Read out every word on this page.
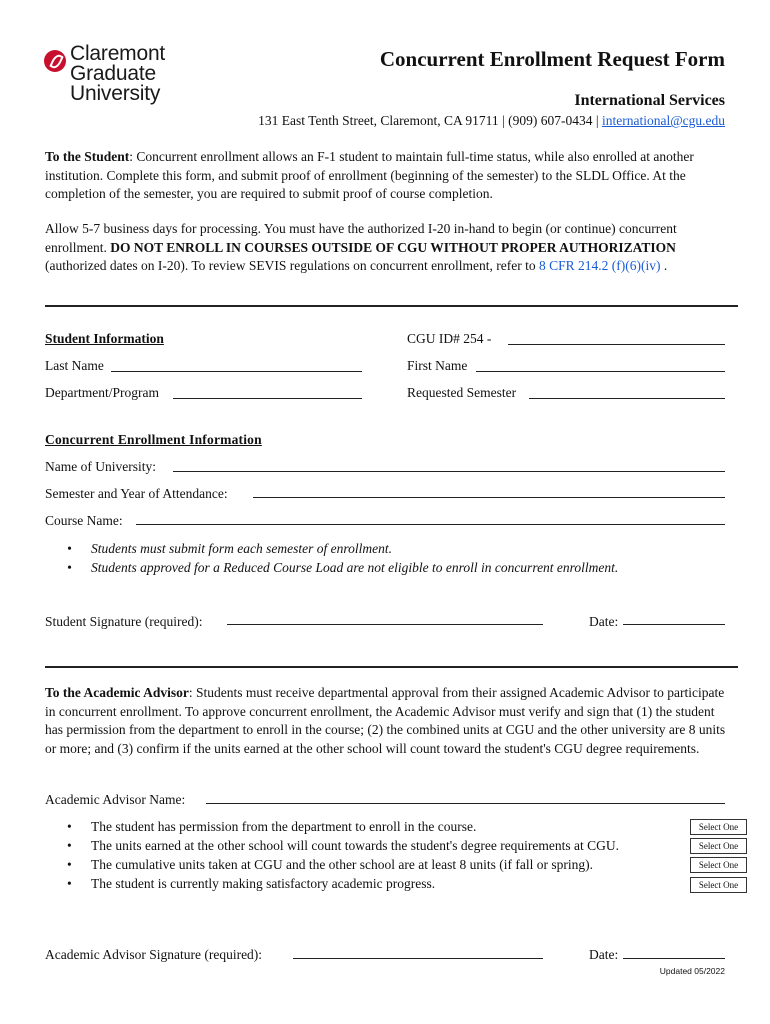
Claremont
Graduate
University
Concurrent Enrollment Request Form
International Services
131 East Tenth Street, Claremont, CA 91711 | (909) 607-0434 | international@cgu.edu
To the Student: Concurrent enrollment allows an F-1 student to maintain full-time status, while also enrolled at another institution. Complete this form, and submit proof of enrollment (beginning of the semester) to the SLDL Office. At the completion of the semester, you are required to submit proof of course completion.
Allow 5-7 business days for processing. You must have the authorized I-20 in-hand to begin (or continue) concurrent enrollment. DO NOT ENROLL IN COURSES OUTSIDE OF CGU WITHOUT PROPER AUTHORIZATION (authorized dates on I-20). To review SEVIS regulations on concurrent enrollment, refer to 8 CFR 214.2 (f)(6)(iv) .
Student Information	CGU ID# 254 -
Last Name	First Name
Department/Program	Requested Semester
Concurrent Enrollment Information
Name of University:
Semester and Year of Attendance:
Course Name:
• Students must submit form each semester of enrollment.
• Students approved for a Reduced Course Load are not eligible to enroll in concurrent enrollment.
Student Signature (required):	Date:
To the Academic Advisor: Students must receive departmental approval from their assigned Academic Advisor to participate in concurrent enrollment. To approve concurrent enrollment, the Academic Advisor must verify and sign that (1) the student has permission from the department to enroll in the course; (2) the combined units at CGU and the other university are 8 units or more; and (3) confirm if the units earned at the other school will count toward the student's CGU degree requirements.
Academic Advisor Name:
• The student has permission from the department to enroll in the course.	Select One
• The units earned at the other school will count towards the student's degree requirements at CGU.	Select One
• The cumulative units taken at CGU and the other school are at least 8 units (if fall or spring).	Select One
• The student is currently making satisfactory academic progress.	Select One
Academic Advisor Signature (required):	Date:
Updated 05/2022
